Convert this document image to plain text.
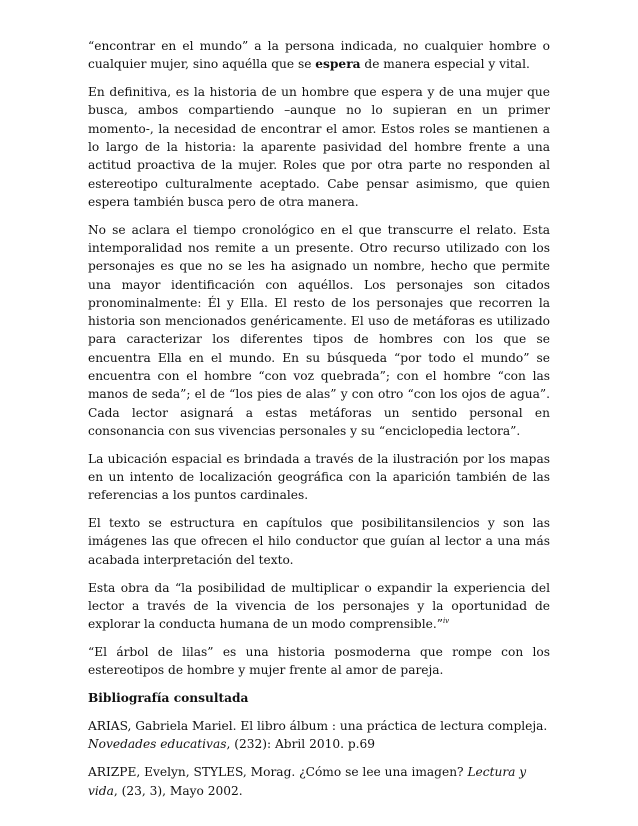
“encontrar en el mundo” a la persona indicada, no cualquier hombre o cualquier mujer, sino aquélla que se espera de manera especial y vital.

En definitiva, es la historia de un hombre que espera y de una mujer que busca, ambos compartiendo –aunque no lo supieran en un primer momento-, la necesidad de encontrar el amor. Estos roles se mantienen a lo largo de la historia: la aparente pasividad del hombre frente a una actitud proactiva de la mujer. Roles que por otra parte no responden al estereotipo culturalmente aceptado. Cabe pensar asimismo, que quien espera también busca pero de otra manera.

No se aclara el tiempo cronológico en el que transcurre el relato. Esta intemporalidad nos remite a un presente. Otro recurso utilizado con los personajes es que no se les ha asignado un nombre, hecho que permite una mayor identificación con aquéllos. Los personajes son citados pronominalmente: Él y Ella. El resto de los personajes que recorren la historia son mencionados genéricamente. El uso de metáforas es utilizado para caracterizar los diferentes tipos de hombres con los que se encuentra Ella en el mundo. En su búsqueda “por todo el mundo” se encuentra con el hombre “con voz quebrada”; con el hombre “con las manos de seda”; el de “los pies de alas” y con otro “con los ojos de agua”. Cada lector asignará a estas metáforas un sentido personal en consonancia con sus vivencias personales y su “enciclopedia lectora”.

La ubicación espacial es brindada a través de la ilustración por los mapas en un intento de localización geográfica con la aparición también de las referencias a los puntos cardinales.

El texto se estructura en capítulos que posibilitansilencios y son las imágenes las que ofrecen el hilo conductor que guían al lector a una más acabada interpretación del texto.

Esta obra da “la posibilidad de multiplicar o expandir la experiencia del lector a través de la vivencia de los personajes y la oportunidad de explorar la conducta humana de un modo comprensible.”$^{iv}$

“El árbol de lilas” es una historia posmoderna que rompe con los estereotipos de hombre y mujer frente al amor de pareja.

Bibliografía consultada

ARIAS, Gabriela Mariel. El libro álbum : una práctica de lectura compleja. Novedades educativas, (232): Abril 2010. p.69

ARIZPE, Evelyn, STYLES, Morag. ¿Cómo se lee una imagen? Lectura y vida, (23, 3), Mayo 2002.
